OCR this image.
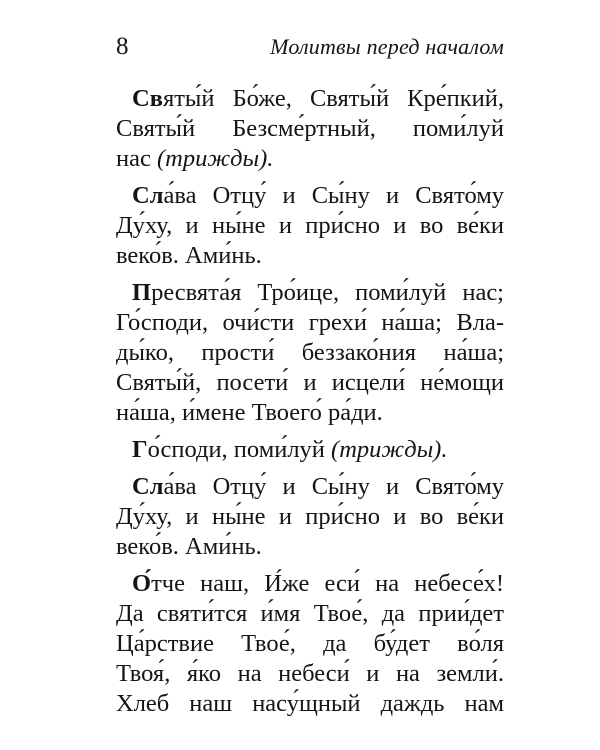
8	Молитвы перед началом
Святы́й Бо́же, Святы́й Кре́пкий,
Святы́й Безсме́ртный, поми́луй
нас (трижды).
Сла́ва Отцу́ и Сы́ну и Свято́му
Ду́ху, и ны́не и при́сно и во ве́ки
веко́в. Ами́нь.
Пресвята́я Тро́ице, поми́луй нас;
Го́споди, очи́сти грехи́ на́ша; Вла-
ды́ко, прости́ беззако́ния на́ша;
Святы́й, посети́ и исцели́ не́мощи
на́ша, и́мене Твоего́ ра́ди.
Го́споди, поми́луй (трижды).
Сла́ва Отцу́ и Сы́ну и Свято́му
Ду́ху, и ны́не и при́сно и во ве́ки
веко́в. Ами́нь.
О́тче наш, И́же еси́ на небесе́х!
Да святи́тся и́мя Твое́, да прии́дет
Ца́рствие Твое́, да бу́дет во́ля
Твоя́, я́ко на небеси́ и на земли́.
Хлеб наш насу́щный даждь нам
